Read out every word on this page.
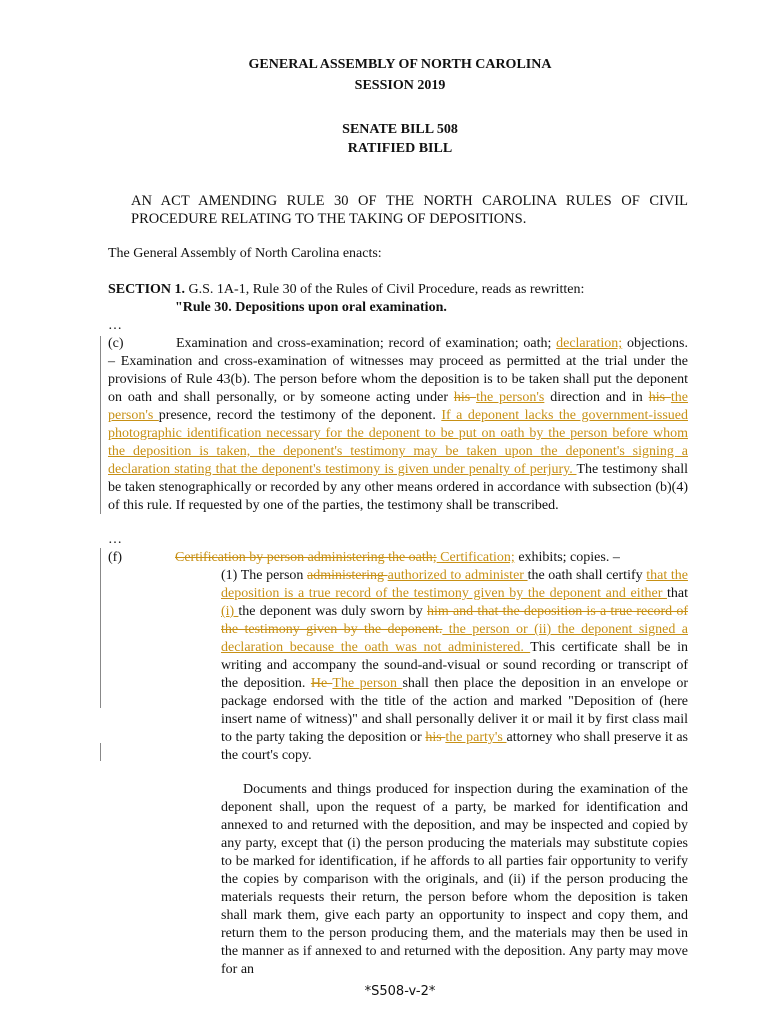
GENERAL ASSEMBLY OF NORTH CAROLINA
SESSION 2019
SENATE BILL 508
RATIFIED BILL
AN ACT AMENDING RULE 30 OF THE NORTH CAROLINA RULES OF CIVIL PROCEDURE RELATING TO THE TAKING OF DEPOSITIONS.
The General Assembly of North Carolina enacts:
SECTION 1. G.S. 1A-1, Rule 30 of the Rules of Civil Procedure, reads as rewritten:
"Rule 30. Depositions upon oral examination.
…
(c)	Examination and cross-examination; record of examination; oath; declaration; objections. – Examination and cross-examination of witnesses may proceed as permitted at the trial under the provisions of Rule 43(b). The person before whom the deposition is to be taken shall put the deponent on oath and shall personally, or by someone acting under his the person's direction and in his the person's presence, record the testimony of the deponent. If a deponent lacks the government-issued photographic identification necessary for the deponent to be put on oath by the person before whom the deposition is taken, the deponent's testimony may be taken upon the deponent's signing a declaration stating that the deponent's testimony is given under penalty of perjury. The testimony shall be taken stenographically or recorded by any other means ordered in accordance with subsection (b)(4) of this rule. If requested by one of the parties, the testimony shall be transcribed.
…
(f)	Certification by person administering the oath; Certification; exhibits; copies. –
(1) The person administering authorized to administer the oath shall certify that the deposition is a true record of the testimony given by the deponent and either that (i) the deponent was duly sworn by him and that the deposition is a true record of the testimony given by the deponent. the person or (ii) the deponent signed a declaration because the oath was not administered. This certificate shall be in writing and accompany the sound-and-visual or sound recording or transcript of the deposition. He The person shall then place the deposition in an envelope or package endorsed with the title of the action and marked "Deposition of (here insert name of witness)" and shall personally deliver it or mail it by first class mail to the party taking the deposition or his the party's attorney who shall preserve it as the court's copy.
Documents and things produced for inspection during the examination of the deponent shall, upon the request of a party, be marked for identification and annexed to and returned with the deposition, and may be inspected and copied by any party, except that (i) the person producing the materials may substitute copies to be marked for identification, if he affords to all parties fair opportunity to verify the copies by comparison with the originals, and (ii) if the person producing the materials requests their return, the person before whom the deposition is taken shall mark them, give each party an opportunity to inspect and copy them, and return them to the person producing them, and the materials may then be used in the manner as if annexed to and returned with the deposition. Any party may move for an
*S508-v-2*
